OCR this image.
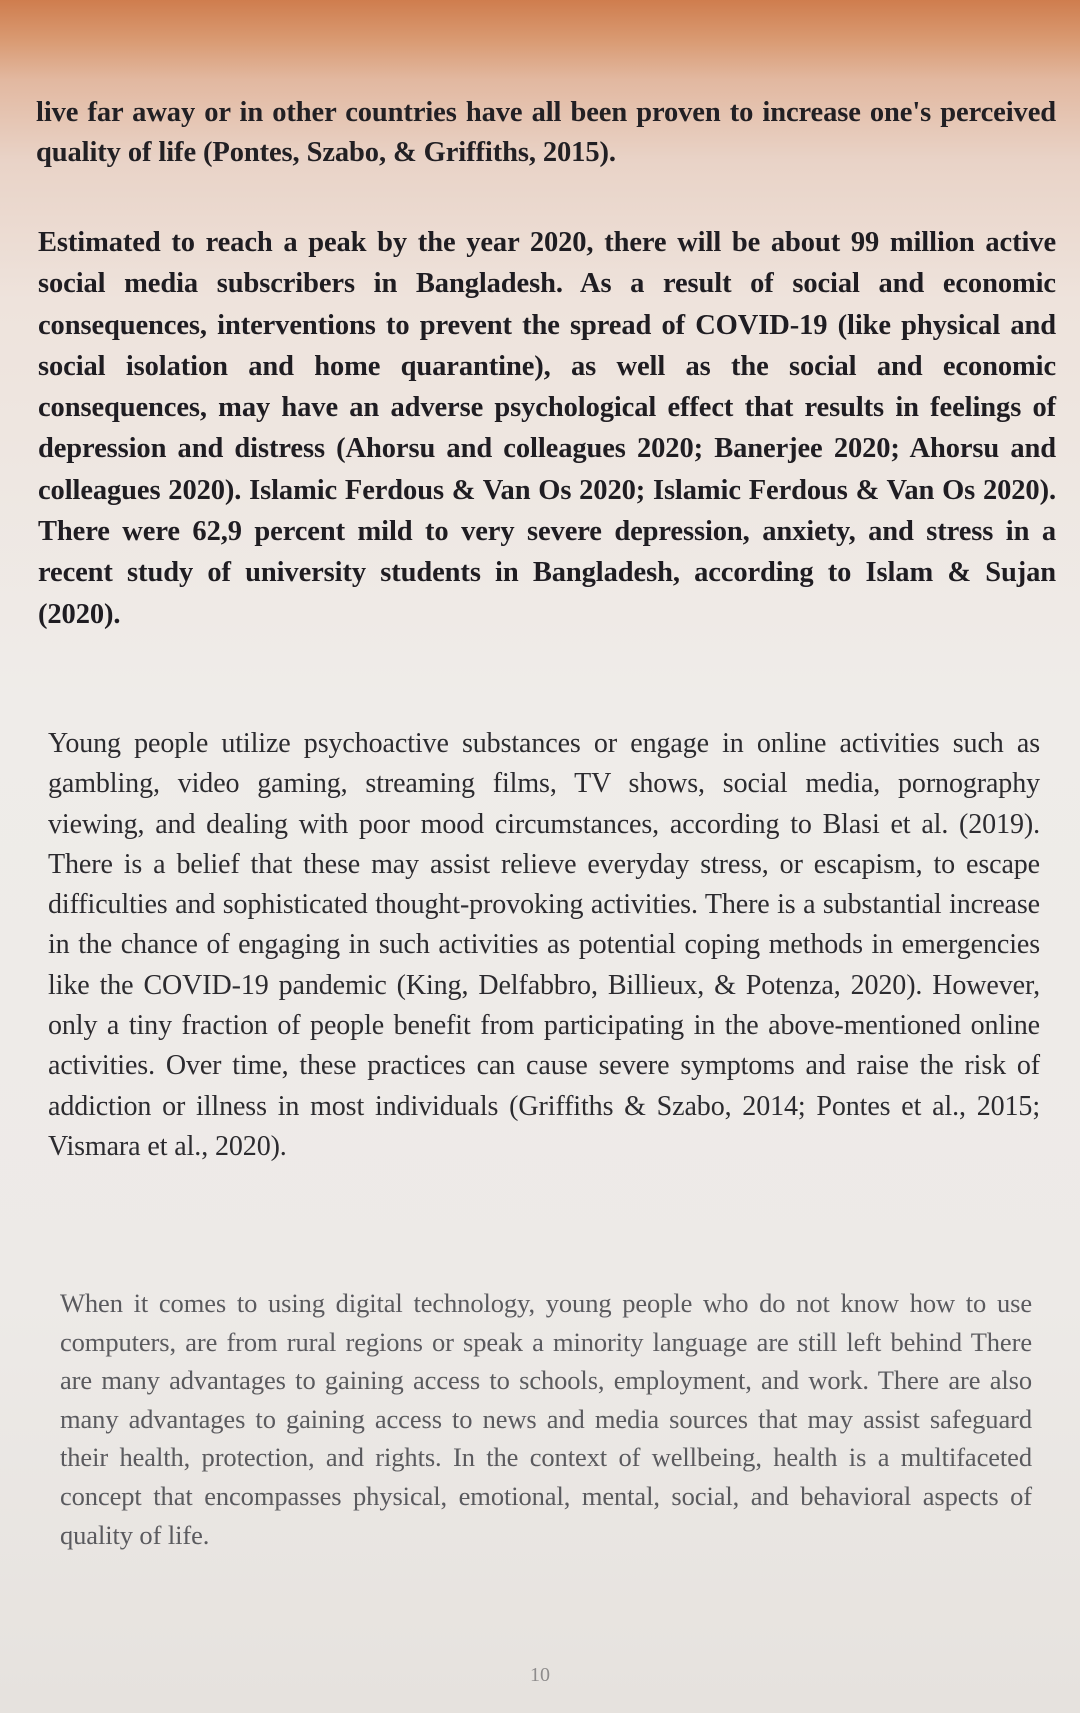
live far away or in other countries have all been proven to increase one's perceived quality of life (Pontes, Szabo, & Griffiths, 2015).

Estimated to reach a peak by the year 2020, there will be about 99 million active social media subscribers in Bangladesh. As a result of social and economic consequences, interventions to prevent the spread of COVID-19 (like physical and social isolation and home quarantine), as well as the social and economic consequences, may have an adverse psychological effect that results in feelings of depression and distress (Ahorsu and colleagues 2020; Banerjee 2020; Ahorsu and colleagues 2020). Islamic Ferdous & Van Os 2020; Islamic Ferdous & Van Os 2020). There were 62,9 percent mild to very severe depression, anxiety, and stress in a recent study of university students in Bangladesh, according to Islam & Sujan (2020).

Young people utilize psychoactive substances or engage in online activities such as gambling, video gaming, streaming films, TV shows, social media, pornography viewing, and dealing with poor mood circumstances, according to Blasi et al. (2019). There is a belief that these may assist relieve everyday stress, or escapism, to escape difficulties and sophisticated thought-provoking activities. There is a substantial increase in the chance of engaging in such activities as potential coping methods in emergencies like the COVID-19 pandemic (King, Delfabbro, Billieux, & Potenza, 2020). However, only a tiny fraction of people benefit from participating in the above-mentioned online activities. Over time, these practices can cause severe symptoms and raise the risk of addiction or illness in most individuals (Griffiths & Szabo, 2014; Pontes et al., 2015; Vismara et al., 2020).

When it comes to using digital technology, young people who do not know how to use computers, are from rural regions or speak a minority language are still left behind There are many advantages to gaining access to schools, employment, and work. There are also many advantages to gaining access to news and media sources that may assist safeguard their health, protection, and rights. In the context of wellbeing, health is a multifaceted concept that encompasses physical, emotional, mental, social, and behavioral aspects of quality of life.

10
